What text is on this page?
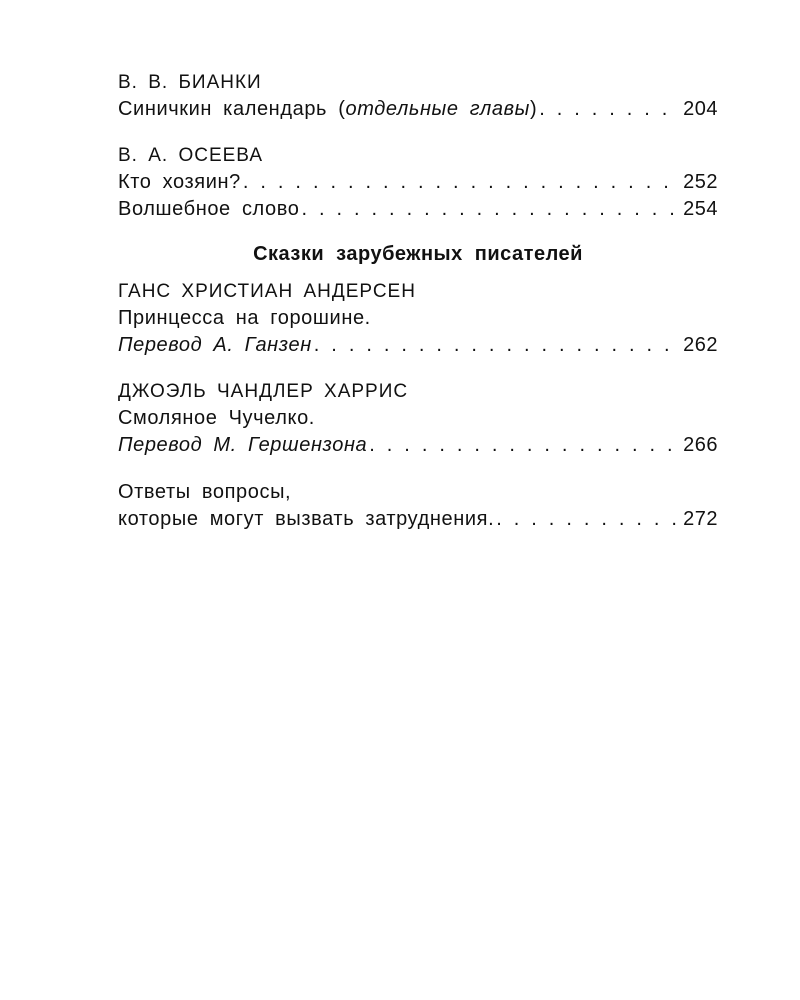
В. В. БИАНКИ
Синичкин календарь (отдельные главы) . . .	204
В. А. ОСЕЕВА
Кто хозяин? . . .	252
Волшебное слово . . .	254
Сказки зарубежных писателей
ГАНС ХРИСТИАН АНДЕРСЕН
Принцесса на горошине.
Перевод А. Ганзен . . .	262
ДЖОЭЛЬ ЧАНДЛЕР ХАРРИС
Смоляное Чучелко.
Перевод М. Гершензона . . .	266
Ответы вопросы,
которые могут вызвать затруднения. . . .	272
